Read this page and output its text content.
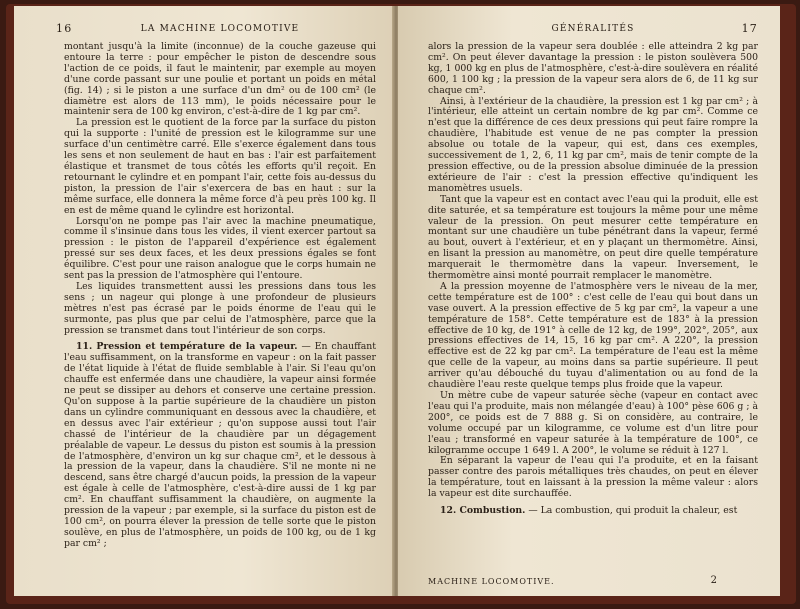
16	LA MACHINE LOCOMOTIVE

montant jusqu'à la limite (inconnue) de la couche gazeuse qui entoure la terre : pour empêcher le piston de descendre sous l'action de ce poids, il faut le maintenir, par exemple au moyen d'une corde passant sur une poulie et portant un poids en métal (fig. 14) ; si le piston a une surface d'un dm² ou de 100 cm² (le diamètre est alors de 113 mm), le poids nécessaire pour le maintenir sera de 100 kg environ, c'est-à-dire de 1 kg par cm².

La pression est le quotient de la force par la surface du piston qui la supporte : l'unité de pression est le kilogramme sur une surface d'un centimètre carré. Elle s'exerce également dans tous les sens et non seulement de haut en bas : l'air est parfaitement élastique et transmet de tous côtés les efforts qu'il reçoit. En retournant le cylindre et en pompant l'air, cette fois au-dessus du piston, la pression de l'air s'exercera de bas en haut : sur la même surface, elle donnera la même force d'à peu près 100 kg. Il en est de même quand le cylindre est horizontal.

Lorsqu'on ne pompe pas l'air avec la machine pneumatique, comme il s'insinue dans tous les vides, il vient exercer partout sa pression : le piston de l'appareil d'expérience est également pressé sur ses deux faces, et les deux pressions égales se font équilibre. C'est pour une raison analogue que le corps humain ne sent pas la pression de l'atmosphère qui l'entoure.

Les liquides transmettent aussi les pressions dans tous les sens ; un nageur qui plonge à une profondeur de plusieurs mètres n'est pas écrasé par le poids énorme de l'eau qui le surmonte, pas plus que par celui de l'atmosphère, parce que la pression se transmet dans tout l'intérieur de son corps.

11. Pression et température de la vapeur. — En chauffant l'eau suffisamment, on la transforme en vapeur : on la fait passer de l'état liquide à l'état de fluide semblable à l'air. Si l'eau qu'on chauffe est enfermée dans une chaudière, la vapeur ainsi formée ne peut se dissiper au dehors et conserve une certaine pression. Qu'on suppose à la partie supérieure de la chaudière un piston dans un cylindre communiquant en dessous avec la chaudière, et en dessus avec l'air extérieur ; qu'on suppose aussi tout l'air chassé de l'intérieur de la chaudière par un dégagement préalable de vapeur. Le dessus du piston est soumis à la pression de l'atmosphère, d'environ un kg sur chaque cm², et le dessous à la pression de la vapeur, dans la chaudière. S'il ne monte ni ne descend, sans être chargé d'aucun poids, la pression de la vapeur est égale à celle de l'atmosphère, c'est-à-dire aussi de 1 kg par cm². En chauffant suffisamment la chaudière, on augmente la pression de la vapeur ; par exemple, si la surface du piston est de 100 cm², on pourra élever la pression de telle sorte que le piston soulève, en plus de l'atmosphère, un poids de 100 kg, ou de 1 kg par cm² ;
GÉNÉRALITÉS	17

alors la pression de la vapeur sera doublée : elle atteindra 2 kg par cm². On peut élever davantage la pression : le piston soulèvera 500 kg, 1 000 kg en plus de l'atmosphère, c'est-à-dire soulèvera en réalité 600, 1 100 kg ; la pression de la vapeur sera alors de 6, de 11 kg sur chaque cm².

Ainsi, à l'extérieur de la chaudière, la pression est 1 kg par cm² ; à l'intérieur, elle atteint un certain nombre de kg par cm². Comme ce n'est que la différence de ces deux pressions qui peut faire rompre la chaudière, l'habitude est venue de ne pas compter la pression absolue ou totale de la vapeur, qui est, dans ces exemples, successivement de 1, 2, 6, 11 kg par cm², mais de tenir compte de la pression effective, ou de la pression absolue diminuée de la pression extérieure de l'air : c'est la pression effective qu'indiquent les manomètres usuels.

Tant que la vapeur est en contact avec l'eau qui la produit, elle est dite saturée, et sa température est toujours la même pour une même valeur de la pression. On peut mesurer cette température en montant sur une chaudière un tube pénétrant dans la vapeur, fermé au bout, ouvert à l'extérieur, et en y plaçant un thermomètre. Ainsi, en lisant la pression au manomètre, on peut dire quelle température marquerait le thermomètre dans la vapeur. Inversement, le thermomètre ainsi monté pourrait remplacer le manomètre.

A la pression moyenne de l'atmosphère vers le niveau de la mer, cette température est de 100° : c'est celle de l'eau qui bout dans un vase ouvert. A la pression effective de 5 kg par cm², la vapeur a une température de 158°. Cette température est de 183° à la pression effective de 10 kg, de 191° à celle de 12 kg, de 199°, 202°, 205°, aux pressions effectives de 14, 15, 16 kg par cm². A 220°, la pression effective est de 22 kg par cm². La température de l'eau est la même que celle de la vapeur, au moins dans sa partie supérieure. Il peut arriver qu'au débouché du tuyau d'alimentation ou au fond de la chaudière l'eau reste quelque temps plus froide que la vapeur.

Un mètre cube de vapeur saturée sèche (vapeur en contact avec l'eau qui l'a produite, mais non mélangée d'eau) à 100° pèse 606 g ; à 200°, ce poids est de 7 888 g. Si on considère, au contraire, le volume occupé par un kilogramme, ce volume est d'un litre pour l'eau ; transformé en vapeur saturée à la température de 100°, ce kilogramme occupe 1 649 l. A 200°, le volume se réduit à 127 l.

En séparant la vapeur de l'eau qui l'a produite, et en la faisant passer contre des parois métalliques très chaudes, on peut en élever la température, tout en laissant à la pression la même valeur : alors la vapeur est dite surchauffée.

12. Combustion. — La combustion, qui produit la chaleur, est
MACHINE LOCOMOTIVE.	2
